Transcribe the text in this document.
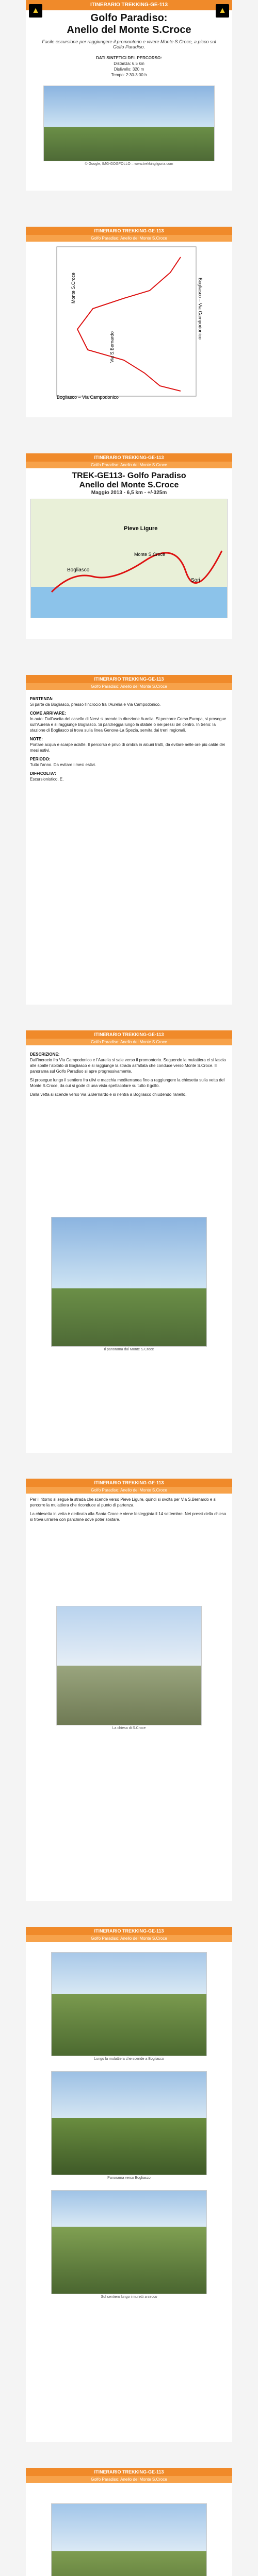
ITINERARIO TREKKING-GE-113
▲	▲
Golfo Paradiso:
Anello del Monte S.Croce
Facile escursione per raggiungere il promontorio e vivere Monte S.Croce, a picco sul Golfo Paradiso.
DATI SINTETICI DEL PERCORSO:
Distanza: 6,5 km
Dislivello: 320 m
Tempo: 2:30-3:00 h
© Google, IMG-GOGFOLLO – www.trekkingliguria.com
ITINERARIO TREKKING-GE-113
Golfo Paradiso: Anello del Monte S.Croce
Bogliasco – Via Campodonico
Monte S.Croce
Via S.Bernardo
Bogliasco – Via Campodonico
ITINERARIO TREKKING-GE-113
Golfo Paradiso: Anello del Monte S.Croce
TREK-GE113- Golfo Paradiso
Anello del Monte S.Croce
Maggio 2013 - 6,5 km - +/-325m
Pieve Ligure
Bogliasco
Sori
Monte S.Croce
ITINERARIO TREKKING-GE-113
Golfo Paradiso: Anello del Monte S.Croce
PARTENZA:

Si parte da Bogliasco, presso l'incrocio fra l'Aurelia e Via Campodonico.

COME ARRIVARE:

In auto: Dall'uscita del casello di Nervi si prende la direzione Aurelia. Si percorre Corso Europa, si prosegue sull'Aurelia e si raggiunge Bogliasco. Si parcheggia lungo la statale o nei pressi del centro. In treno: la stazione di Bogliasco si trova sulla linea Genova-La Spezia, servita dai treni regionali.

NOTE:

Portare acqua e scarpe adatte. Il percorso è privo di ombra in alcuni tratti, da evitare nelle ore più calde dei mesi estivi.

PERIODO:

Tutto l'anno. Da evitare i mesi estivi.

DIFFICOLTA':

Escursionistico, E.

ITINERARIO TREKKING-GE-113
Golfo Paradiso: Anello del Monte S.Croce
DESCRIZIONE:

Dall'incrocio fra Via Campodonico e l'Aurelia si sale verso il promontorio. Seguendo la mulattiera ci si lascia alle spalle l'abitato di Bogliasco e si raggiunge la strada asfaltata che conduce verso Monte S.Croce. Il panorama sul Golfo Paradiso si apre progressivamente.

Si prosegue lungo il sentiero fra ulivi e macchia mediterranea fino a raggiungere la chiesetta sulla vetta del Monte S.Croce, da cui si gode di una vista spettacolare su tutto il golfo.

Dalla vetta si scende verso Via S.Bernardo e si rientra a Bogliasco chiudendo l'anello.

Il panorama dal Monte S.Croce
ITINERARIO TREKKING-GE-113
Golfo Paradiso: Anello del Monte S.Croce

Per il ritorno si segue la strada che scende verso Pieve Ligure, quindi si svolta per Via S.Bernardo e si percorre la mulattiera che riconduce al punto di partenza.

La chiesetta in vetta è dedicata alla Santa Croce e viene festeggiata il 14 settembre. Nei pressi della chiesa si trova un'area con panchine dove poter sostare.

La chiesa di S.Croce
ITINERARIO TREKKING-GE-113
Golfo Paradiso: Anello del Monte S.Croce
Lungo la mulattiera che scende a Bogliasco
Panorama verso Bogliasco
Sul sentiero lungo i muretti a secco
ITINERARIO TREKKING-GE-113
Golfo Paradiso: Anello del Monte S.Croce
